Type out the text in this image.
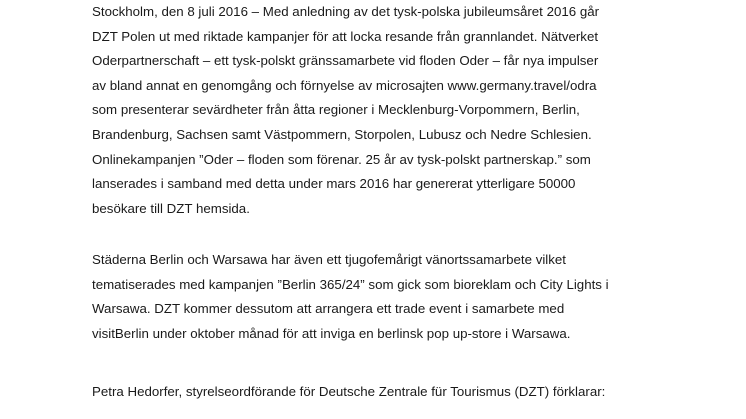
Stockholm, den 8 juli 2016 – Med anledning av det tysk-polska jubileumsåret 2016 går
DZT Polen ut med riktade kampanjer för att locka resande från grannlandet. Nätverket
Oderpartnerschaft – ett tysk-polskt gränssamarbete vid floden Oder – får nya impulser
av bland annat en genomgång och förnyelse av microsajten www.germany.travel/odra
som presenterar sevärdheter från åtta regioner i Mecklenburg-Vorpommern, Berlin,
Brandenburg, Sachsen samt Västpommern, Storpolen, Lubusz och Nedre Schlesien.
Onlinekampanjen ”Oder – floden som förenar. 25 år av tysk-polskt partnerskap.” som
lanserades i samband med detta under mars 2016 har genererat ytterligare 50000
besökare till DZT hemsida.

Städerna Berlin och Warsawa har även ett tjugofemårigt vänortssamarbete vilket
tematiserades med kampanjen ”Berlin 365/24” som gick som bioreklam och City Lights i
Warsawa. DZT kommer dessutom att arrangera ett trade event i samarbete med
visitBerlin under oktober månad för att inviga en berlinsk pop up-store i Warsawa.

Petra Hedorfer, styrelseordförande för Deutsche Zentrale für Tourismus (DZT) förklarar:
